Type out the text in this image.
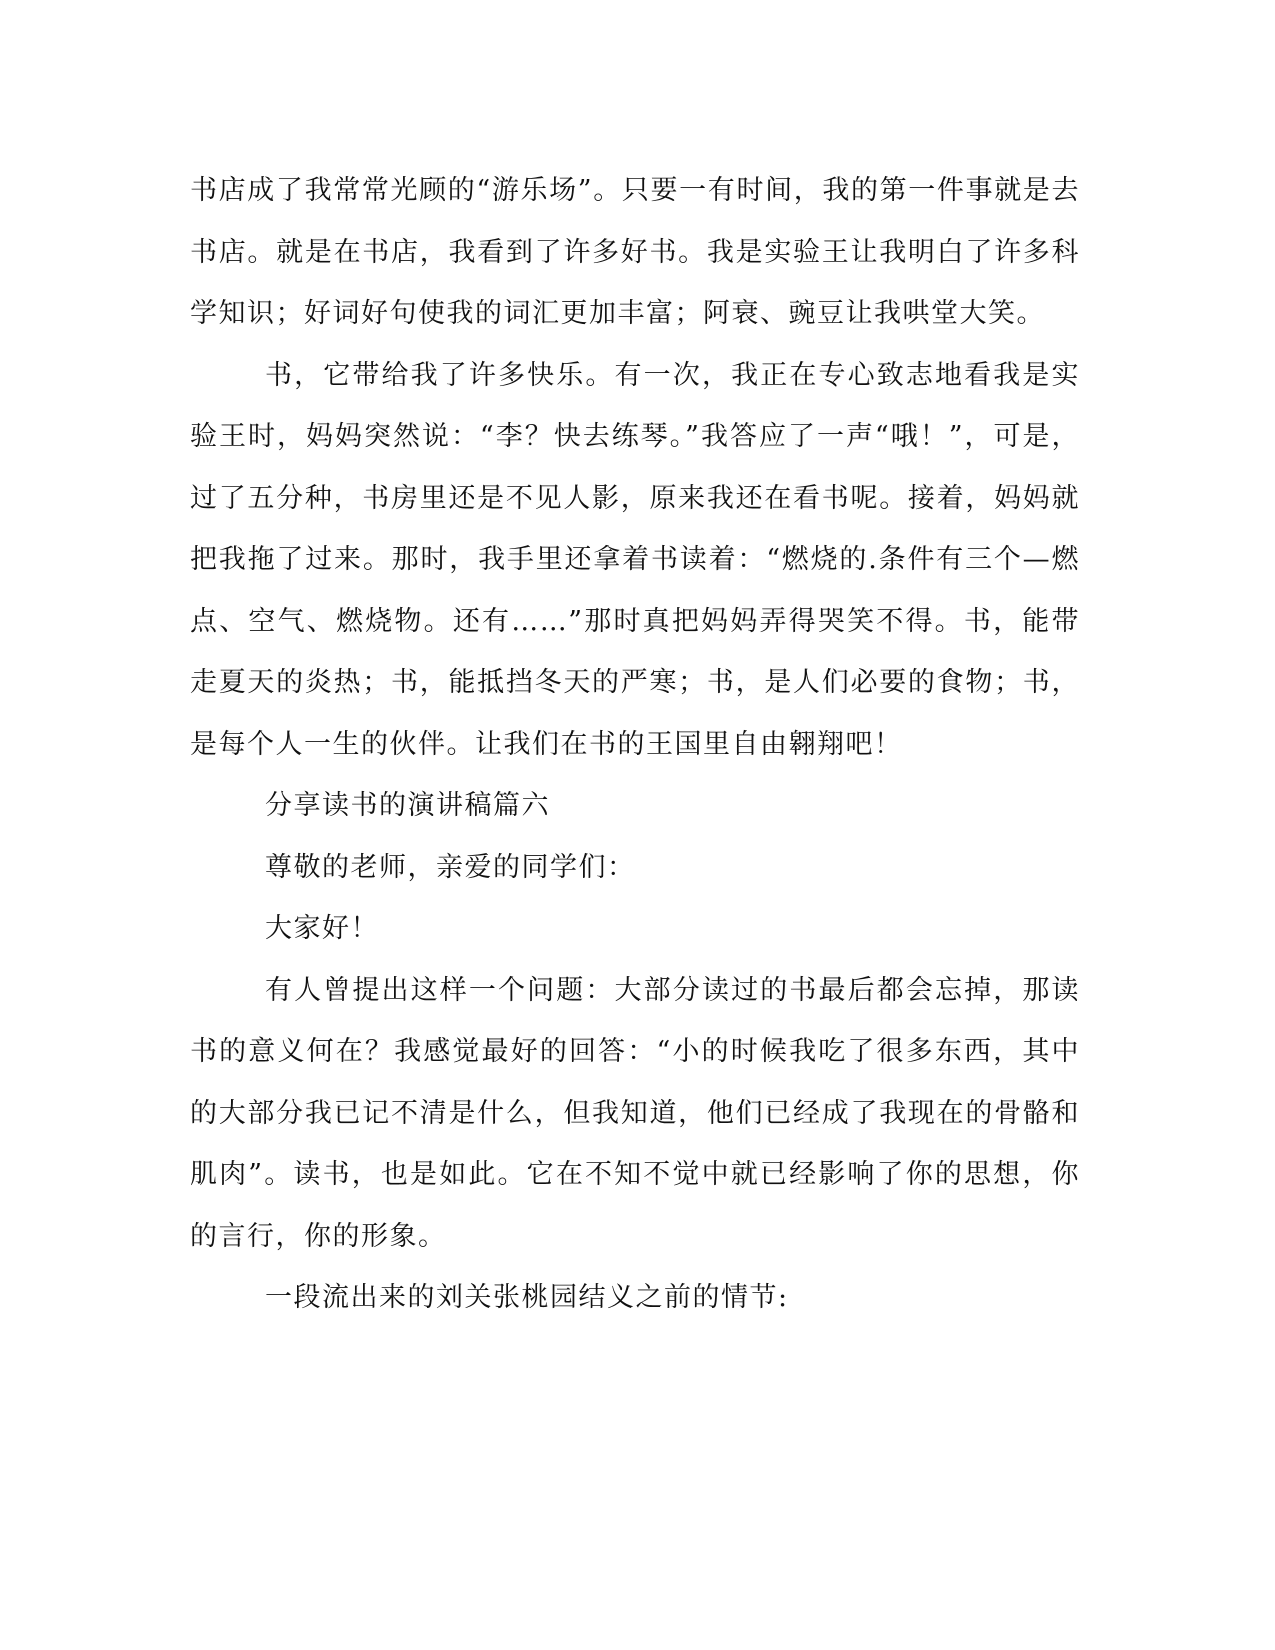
书店成了我常常光顾的“游乐场”。只要一有时间，我的第一件事就是去书店。就是在书店，我看到了许多好书。我是实验王让我明白了许多科学知识；好词好句使我的词汇更加丰富；阿衰、豌豆让我哄堂大笑。

书，它带给我了许多快乐。有一次，我正在专心致志地看我是实验王时，妈妈突然说：“李？快去练琴。”我答应了一声“哦！”，可是，过了五分种，书房里还是不见人影，原来我还在看书呢。接着，妈妈就把我拖了过来。那时，我手里还拿着书读着：“燃烧的.条件有三个—燃点、空气、燃烧物。还有……”那时真把妈妈弄得哭笑不得。书，能带走夏天的炎热；书，能抵挡冬天的严寒；书，是人们必要的食物；书，是每个人一生的伙伴。让我们在书的王国里自由翱翔吧！

分享读书的演讲稿篇六

尊敬的老师，亲爱的同学们：

大家好！

有人曾提出这样一个问题：大部分读过的书最后都会忘掉，那读书的意义何在？我感觉最好的回答：“小的时候我吃了很多东西，其中的大部分我已记不清是什么，但我知道，他们已经成了我现在的骨骼和肌肉”。读书，也是如此。它在不知不觉中就已经影响了你的思想，你的言行，你的形象。

一段流出来的刘关张桃园结义之前的情节:
